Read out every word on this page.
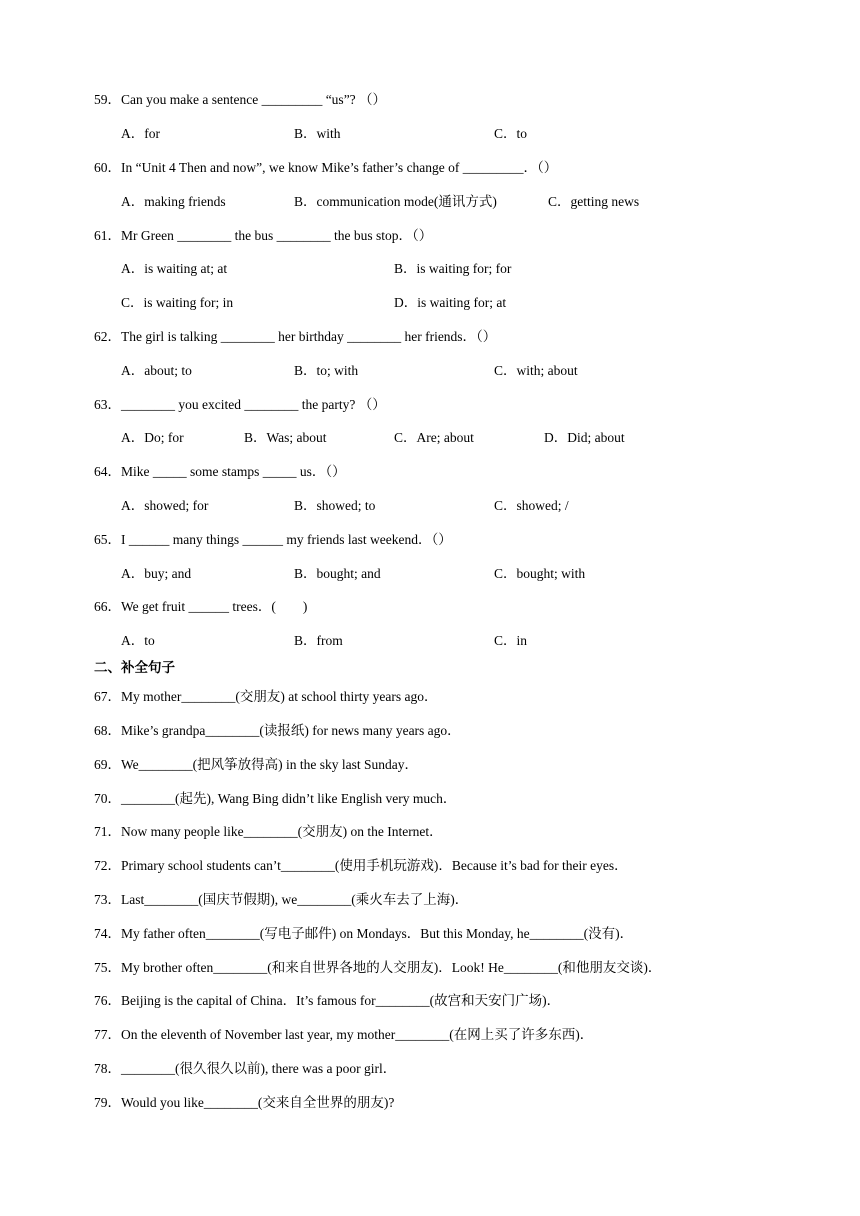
59．Can you make a sentence _________ “us”? （）
A．for	B．with	C．to
60．In “Unit 4 Then and now”, we know Mike’s father’s change of _________．（）
A．making friends	B．communication mode(通讯方式)	C．getting news
61．Mr Green ________ the bus ________ the bus stop．（）
A．is waiting at; at	B．is waiting for; for
C．is waiting for; in	D．is waiting for; at
62．The girl is talking ________ her birthday ________ her friends．（）
A．about; to	B．to; with	C．with; about
63．________ you excited ________ the party? （）
A．Do; for	B．Was; about	C．Are; about	D．Did; about
64．Mike _____ some stamps _____ us．（）
A．showed; for	B．showed; to	C．showed; /
65．I ______ many things ______ my friends last weekend．（）
A．buy; and	B．bought; and	C．bought; with
66．We get fruit ______ trees．(　　)
A．to	B．from	C．in
二、补全句子
67．My mother________(交朋友) at school thirty years ago．
68．Mike’s grandpa________(读报纸) for news many years ago．
69．We________(把风筝放得高) in the sky last Sunday．
70．________(起先), Wang Bing didn’t like English very much．
71．Now many people like________(交朋友) on the Internet．
72．Primary school students can’t________(使用手机玩游戏)．Because it’s bad for their eyes．
73．Last________(国庆节假期), we________(乘火车去了上海)．
74．My father often________(写电子邮件) on Mondays．But this Monday, he________(没有)．
75．My brother often________(和来自世界各地的人交朋友)．Look! He________(和他朋友交谈)．
76．Beijing is the capital of China．It’s famous for________(故宫和天安门广场)．
77．On the eleventh of November last year, my mother________(在网上买了许多东西)．
78．________(很久很久以前), there was a poor girl．
79．Would you like________(交来自全世界的朋友)?
